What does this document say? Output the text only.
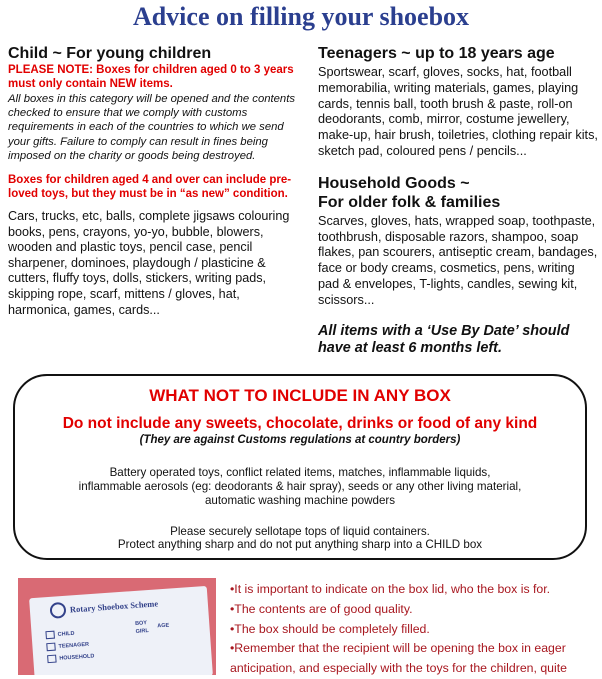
Advice on filling your shoebox
Child ~ For young children
PLEASE NOTE: Boxes for children aged 0 to 3 years must only contain NEW items.
All boxes in this category will be opened and the contents checked to ensure that we comply with customs requirements in each of the countries to which we send your gifts. Failure to comply can result in fines being imposed on the charity or goods being destroyed.
Boxes for children aged 4 and over can include pre-loved toys, but they must be in “as new” condition.
Cars, trucks, etc, balls, complete jigsaws colouring books, pens, crayons, yo-yo, bubble, blowers, wooden and plastic toys, pencil case, pencil sharpener, dominoes, playdough / plasticine & cutters, fluffy toys, dolls, stickers, writing pads, skipping rope, scarf, mittens / gloves, hat, harmonica, games, cards...
Teenagers ~ up to 18 years age
Sportswear, scarf, gloves, socks, hat, football memorabilia, writing materials, games, playing cards, tennis ball, tooth brush & paste, roll-on deodorants, comb, mirror, costume jewellery, make-up, hair brush, toiletries, clothing repair kits, sketch pad, coloured pens / pencils...
Household Goods ~
For older folk & families
Scarves, gloves, hats, wrapped soap, toothpaste, toothbrush, disposable razors, shampoo, soap flakes, pan scourers, antiseptic cream, bandages, face or body creams, cosmetics, pens, writing pad & envelopes, T-lights, candles, sewing kit, scissors...
All items with a ‘Use By Date’ should have at least 6 months left.
WHAT NOT TO INCLUDE IN ANY BOX
Do not include any sweets, chocolate, drinks or food of any kind
(They are against Customs regulations at country borders)
Battery operated toys, conflict related items, matches, inflammable liquids,
inflammable aerosols (eg: deodorants & hair spray), seeds or any other living material,
automatic washing machine powders
Please securely sellotape tops of liquid containers.
Protect anything sharp and do not put anything sharp into a CHILD box
Rotary Shoebox Scheme
CHILD
TEENAGER
HOUSEHOLD
BOY
GIRL
AGE
•It is important to indicate on the box lid, who the box is for.
•The contents are of good quality.
•The box should be completely filled.
•Remember that the recipient will be opening the box in eager
anticipation, and especially with the toys for the children, quite
